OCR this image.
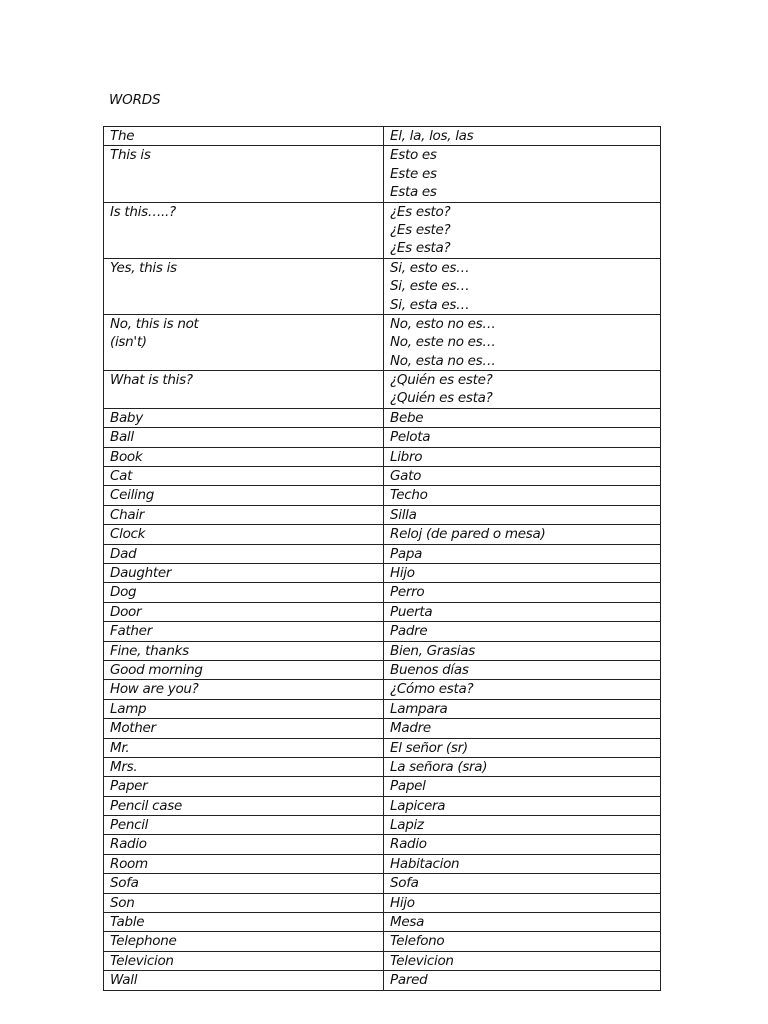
WORDS
The	El, la, los, las

This is	Esto es
Este es
Esta es

Is this…..?	¿Es esto?
¿Es este?
¿Es esta?

Yes, this is	Si, esto es…
Si, este es…
Si, esta es…

No, this is not
(isn't)	No, esto no es…
No, este no es…
No, esta no es…

What is this?	¿Quién es este?
¿Quién es esta?

Baby	Bebe

Ball	Pelota

Book	Libro

Cat	Gato

Ceiling	Techo

Chair	Silla

Clock	Reloj (de pared o mesa)

Dad	Papa

Daughter	Hijo

Dog	Perro

Door	Puerta

Father	Padre

Fine, thanks	Bien, Grasias

Good morning	Buenos días

How are you?	¿Cómo esta?

Lamp	Lampara

Mother	Madre

Mr.	El señor (sr)

Mrs.	La señora (sra)

Paper	Papel

Pencil case	Lapicera

Pencil	Lapiz

Radio	Radio

Room	Habitacion

Sofa	Sofa

Son	Hijo

Table	Mesa

Telephone	Telefono

Televicion	Televicion

Wall	Pared
